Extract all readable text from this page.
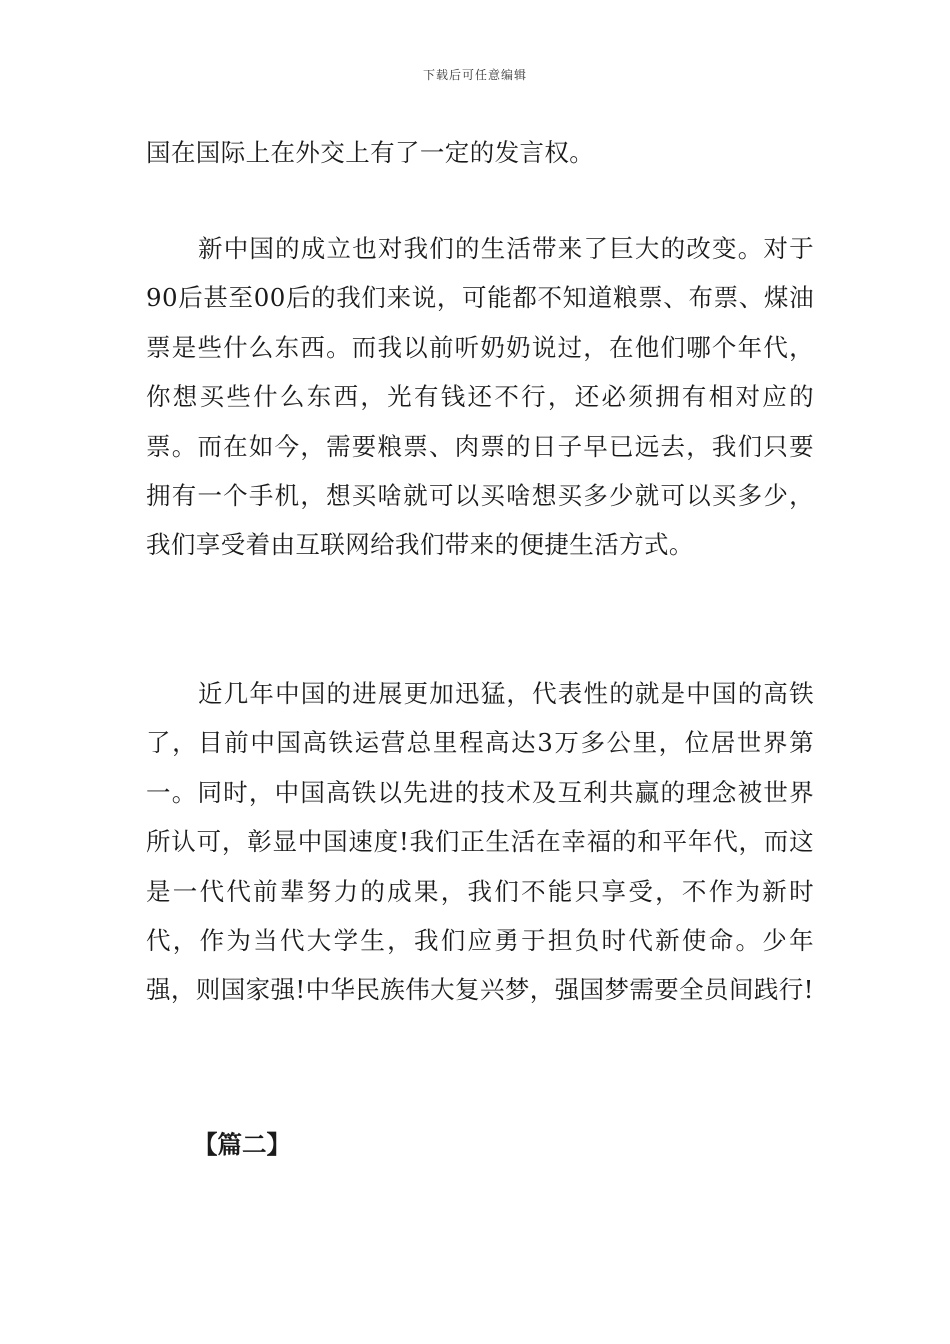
下载后可任意编辑

国在国际上在外交上有了一定的发言权。

新中国的成立也对我们的生活带来了巨大的改变。对于90后甚至00后的我们来说，可能都不知道粮票、布票、煤油票是些什么东西。而我以前听奶奶说过，在他们哪个年代，你想买些什么东西，光有钱还不行，还必须拥有相对应的票。而在如今，需要粮票、肉票的日子早已远去，我们只要拥有一个手机，想买啥就可以买啥想买多少就可以买多少，我们享受着由互联网给我们带来的便捷生活方式。

近几年中国的进展更加迅猛，代表性的就是中国的高铁了，目前中国高铁运营总里程高达3万多公里，位居世界第一。同时，中国高铁以先进的技术及互利共赢的理念被世界所认可，彰显中国速度!我们正生活在幸福的和平年代，而这是一代代前辈努力的成果，我们不能只享受，不作为新时代，作为当代大学生，我们应勇于担负时代新使命。少年强，则国家强!中华民族伟大复兴梦，强国梦需要全员间践行!

【篇二】
